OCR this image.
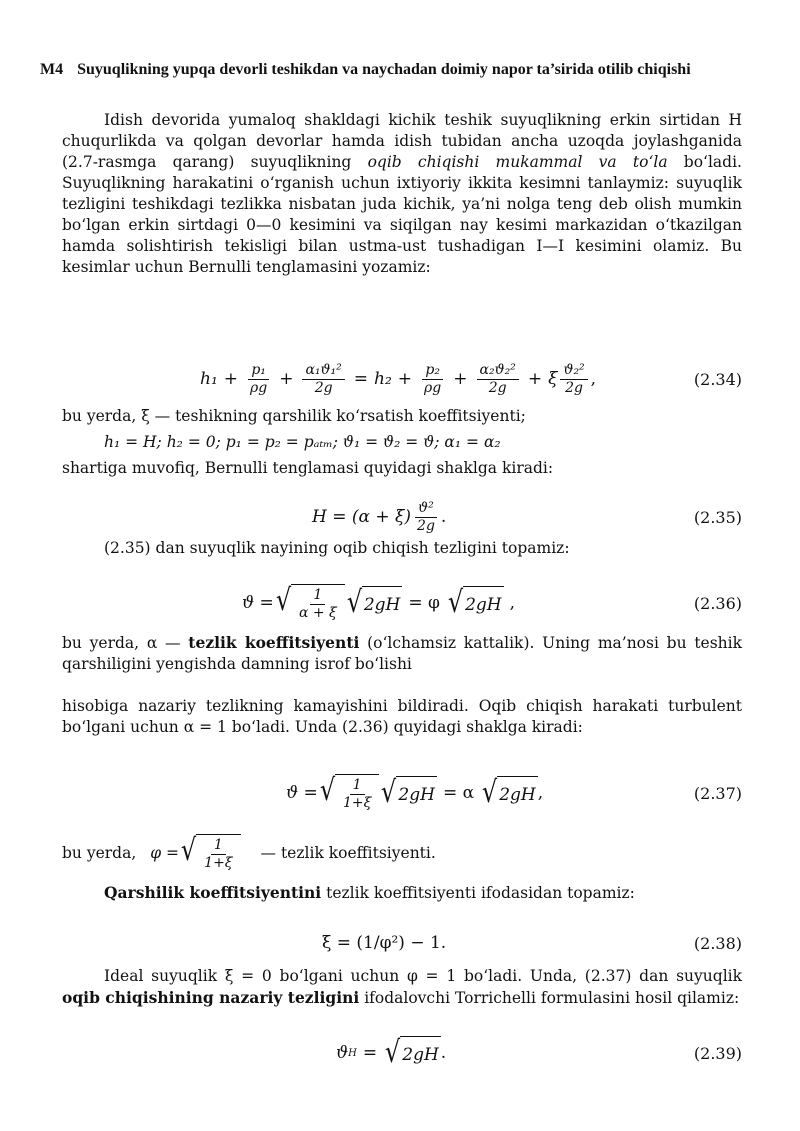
M4 Suyuqlikning yupqa devorli teshikdan va naychadan doimiy napor ta’sirida otilib chiqishi
Idish devorida yumaloq shakldagi kichik teshik suyuqlikning erkin sirtidan H chuqurlikda va qolgan devorlar hamda idish tubidan ancha uzoqda joylashganida (2.7-rasmga qarang) suyuqlikning oqib chiqishi mukammal va to‘la bo‘ladi. Suyuqlikning harakatini o‘rganish uchun ixtiyoriy ikkita kesimni tanlaymiz: suyuqlik tezligini teshikdagi tezlikka nisbatan juda kichik, ya’ni nolga teng deb olish mumkin bo‘lgan erkin sirtdagi 0—0 kesimini va siqilgan nay kesimi markazidan o‘tkazilgan hamda solishtirish tekisligi bilan ustma-ust tushadigan I—I kesimini olamiz. Bu kesimlar uchun Bernulli tenglamasini yozamiz:
$h_1 + \frac{\text{p₁}}{\rho g} + \frac{\text{α₁ϑ₁²}}{2g} = h_2 + \frac{\text{p₂}}{\rho g} + \frac{\text{α₂ϑ₂²}}{2g} + \xi \frac{\text{ϑ₂²}}{2g}$ ,	(2.34)
bu yerda, ξ — teshikning qarshilik ko‘rsatish koeffitsiyenti;
h₁ = H; h₂ = 0; p₁ = p₂ = pₐₜₘ; ϑ₁ = ϑ₂ = ϑ; α₁ = α₂
shartiga muvofiq, Bernulli tenglamasi quyidagi shaklga kiradi:
$H = (\alpha + \xi) \frac{\text{ϑ²}}{2g}$ .	(2.35)
(2.35) dan suyuqlik nayining oqib chiqish tezligini topamiz:
ϑ = √ $\frac{1}{\alpha + \xi}$ √ 2gH = φ √ 2gH ,	(2.36)
bu yerda, α — tezlik koeffitsiyenti (o‘lchamsiz kattalik). Uning ma’nosi bu teshik qarshiligini yengishda damning isrof bo‘lishi
hisobiga nazariy tezlikning kamayishini bildiradi. Oqib chiqish harakati turbulent bo‘lgani uchun α = 1 bo‘ladi. Unda (2.36) quyidagi shaklga kiradi:
ϑ = √ $\frac{1}{1+\xi}$ √ 2gH = α √ 2gH ,	(2.37)
bu yerda, φ = √ $\frac{1}{1+\xi}$ — tezlik koeffitsiyenti.
Qarshilik koeffitsiyentini tezlik koeffitsiyenti ifodasidan topamiz:
ξ = (1/φ²) − 1.	(2.38)
Ideal suyuqlik ξ = 0 bo‘lgani uchun φ = 1 bo‘ladi. Unda, (2.37) dan suyuqlik oqib chiqishining nazariy tezligini ifodalovchi Torrichelli formulasini hosil qilamiz:
ϑ H = √ 2gH .	(2.39)
